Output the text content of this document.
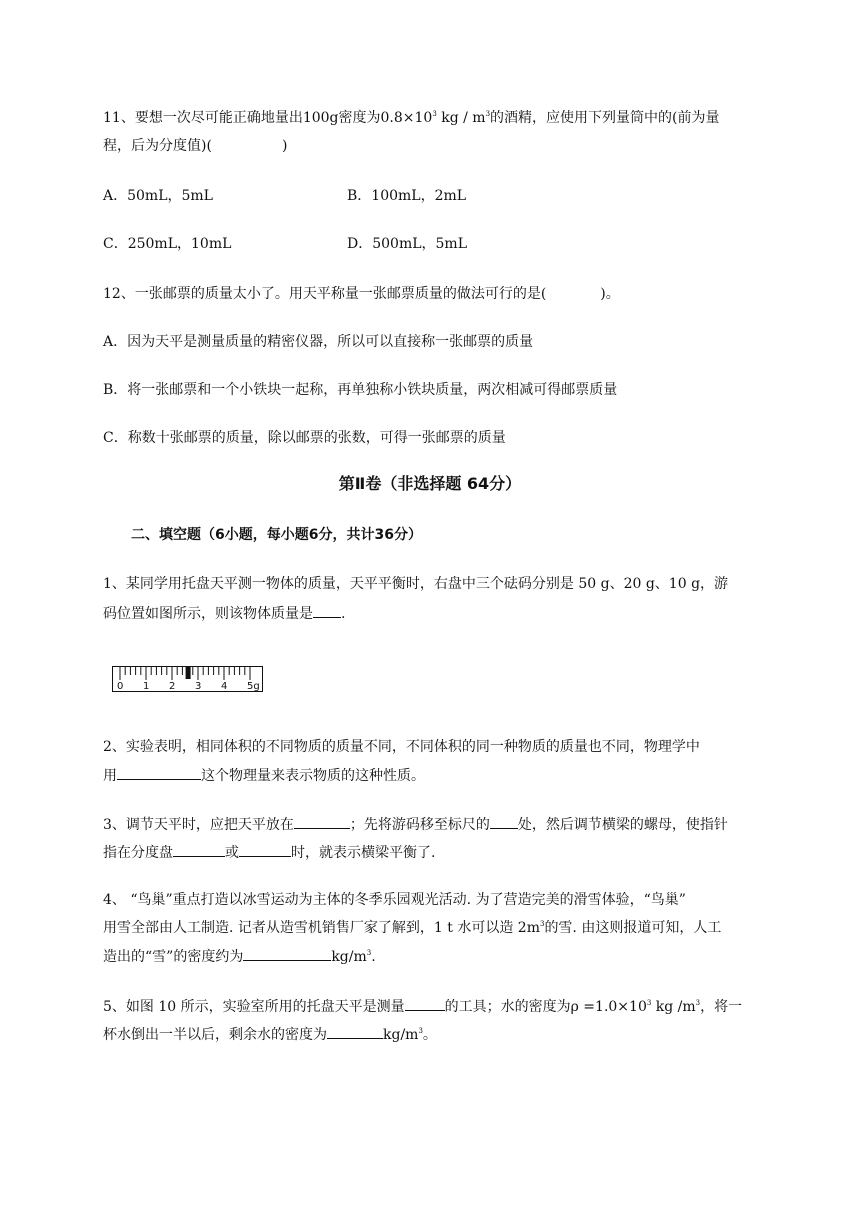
11、要想一次尽可能正确地量出100g密度为$0.8\times 10^3$ kg / $m^3$的酒精，应使用下列量筒中的(前为量
程，后为分度值)(	)
A．50mL，5mL	B．100mL，2mL
C．250mL，10mL	D．500mL，5mL
12、一张邮票的质量太小了。用天平称量一张邮票质量的做法可行的是(	)。
A．因为天平是测量质量的精密仪器，所以可以直接称一张邮票的质量
B．将一张邮票和一个小铁块一起称，再单独称小铁块质量，两次相减可得邮票质量
C．称数十张邮票的质量，除以邮票的张数，可得一张邮票的质量
第Ⅱ卷（非选择题 64分）
二、填空题（6小题，每小题6分，共计36分）
1、某同学用托盘天平测一物体的质量，天平平衡时，右盘中三个砝码分别是 50 g、20 g、10 g，游
码位置如图所示，则该物体质量是 .
0 1 2 3 4 5g
2、实验表明，相同体积的不同物质的质量不同，不同体积的同一种物质的质量也不同，物理学中
用	这个物理量来表示物质的这种性质。
3、调节天平时，应把天平放在	；先将游码移至标尺的 处，然后调节横梁的螺母，使指针
指在分度盘	或	时，就表示横梁平衡了.
4、 “鸟巢”重点打造以冰雪运动为主体的冬季乐园观光活动. 为了营造完美的滑雪体验，“鸟巢”
用雪全部由人工制造. 记者从造雪机销售厂家了解到，1 t 水可以造 $2m^3$的雪. 由这则报道可知，人工
造出的“雪”的密度约为	$kg/m^3$.
5、如图 10 所示，实验室所用的托盘天平是测量	的工具；水的密度为$\rho =1.0\times 10^3$ kg $/m^3$，将一
杯水倒出一半以后，剩余水的密度为	$kg/m^3$。
